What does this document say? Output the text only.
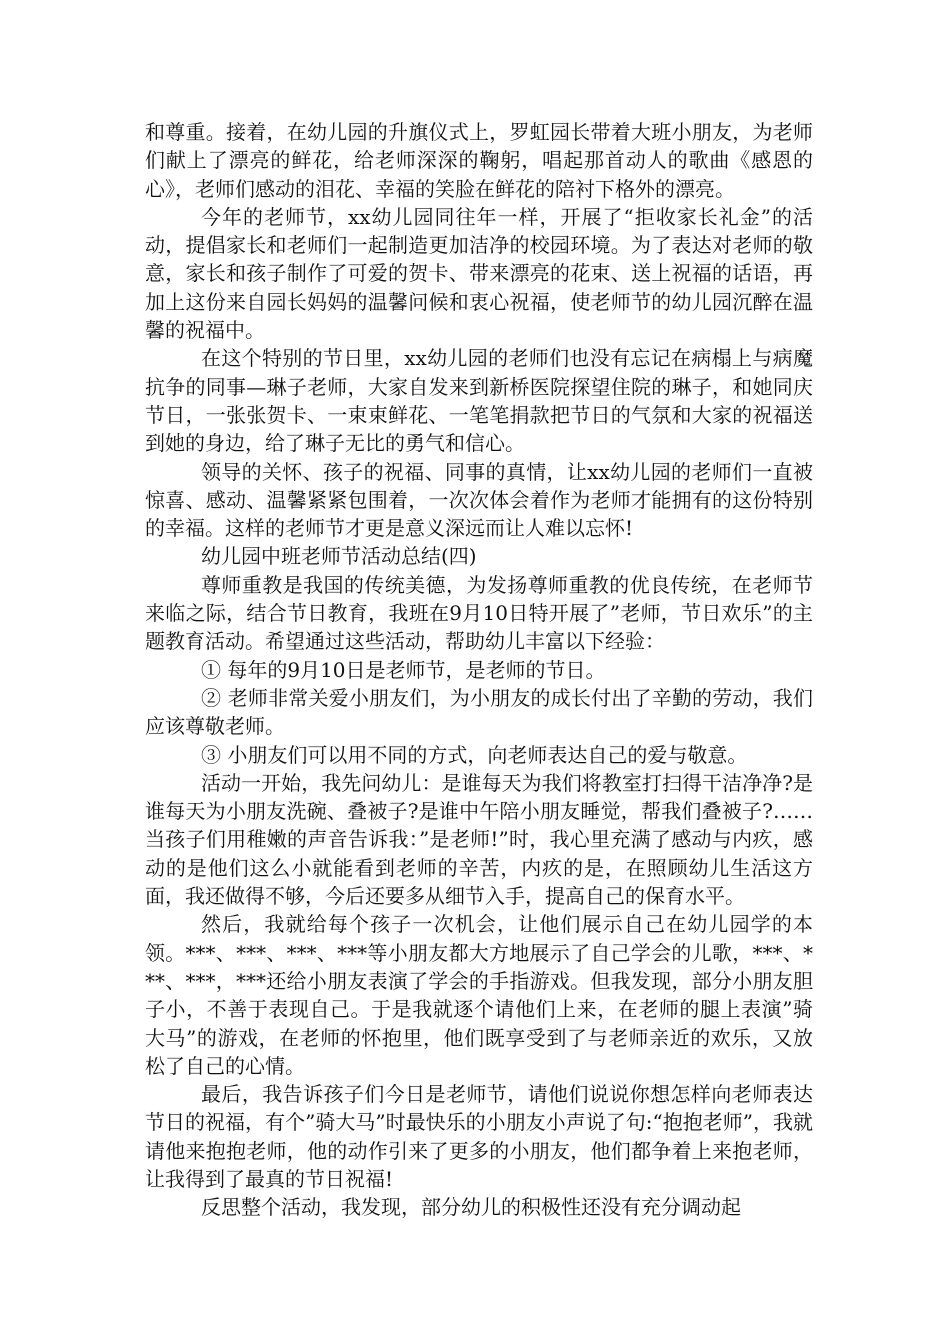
和尊重。接着，在幼儿园的升旗仪式上，罗虹园长带着大班小朋友，为老师们献上了漂亮的鲜花，给老师深深的鞠躬，唱起那首动人的歌曲《感恩的心》，老师们感动的泪花、幸福的笑脸在鲜花的陪衬下格外的漂亮。

今年的老师节，xx幼儿园同往年一样，开展了“拒收家长礼金”的活动，提倡家长和老师们一起制造更加洁净的校园环境。为了表达对老师的敬意，家长和孩子制作了可爱的贺卡、带来漂亮的花束、送上祝福的话语，再加上这份来自园长妈妈的温馨问候和衷心祝福，使老师节的幼儿园沉醉在温馨的祝福中。

在这个特别的节日里，xx幼儿园的老师们也没有忘记在病榻上与病魔抗争的同事—琳子老师，大家自发来到新桥医院探望住院的琳子，和她同庆节日，一张张贺卡、一束束鲜花、一笔笔捐款把节日的气氛和大家的祝福送到她的身边，给了琳子无比的勇气和信心。

领导的关怀、孩子的祝福、同事的真情，让xx幼儿园的老师们一直被惊喜、感动、温馨紧紧包围着，一次次体会着作为老师才能拥有的这份特别的幸福。这样的老师节才更是意义深远而让人难以忘怀!

幼儿园中班老师节活动总结(四)

尊师重教是我国的传统美德，为发扬尊师重教的优良传统，在老师节来临之际，结合节日教育，我班在9月10日特开展了”老师，节日欢乐”的主题教育活动。希望通过这些活动，帮助幼儿丰富以下经验：

① 每年的9月10日是老师节，是老师的节日。

② 老师非常关爱小朋友们，为小朋友的成长付出了辛勤的劳动，我们应该尊敬老师。

③ 小朋友们可以用不同的方式，向老师表达自己的爱与敬意。

活动一开始，我先问幼儿：是谁每天为我们将教室打扫得干洁净净?是谁每天为小朋友洗碗、叠被子?是谁中午陪小朋友睡觉，帮我们叠被子?……当孩子们用稚嫩的声音告诉我：”是老师!”时，我心里充满了感动与内疚，感动的是他们这么小就能看到老师的辛苦，内疚的是，在照顾幼儿生活这方面，我还做得不够，今后还要多从细节入手，提高自己的保育水平。

然后，我就给每个孩子一次机会，让他们展示自己在幼儿园学的本领。***、***、***、***等小朋友都大方地展示了自己学会的儿歌，***、***、***，***还给小朋友表演了学会的手指游戏。但我发现，部分小朋友胆子小，不善于表现自己。于是我就逐个请他们上来，在老师的腿上表演”骑大马”的游戏，在老师的怀抱里，他们既享受到了与老师亲近的欢乐，又放松了自己的心情。

最后，我告诉孩子们今日是老师节，请他们说说你想怎样向老师表达节日的祝福，有个”骑大马”时最快乐的小朋友小声说了句:“抱抱老师”，我就请他来抱抱老师，他的动作引来了更多的小朋友，他们都争着上来抱老师，让我得到了最真的节日祝福!

反思整个活动，我发现，部分幼儿的积极性还没有充分调动起
